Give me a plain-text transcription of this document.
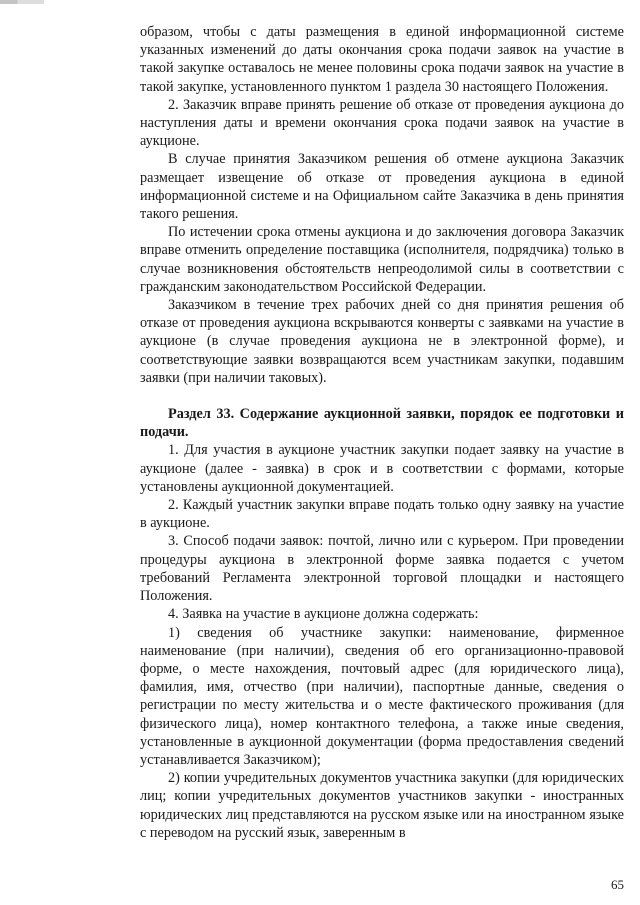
образом, чтобы с даты размещения в единой информационной системе указанных изменений до даты окончания срока подачи заявок на участие в такой закупке оставалось не менее половины срока подачи заявок на участие в такой закупке, установленного пунктом 1 раздела 30 настоящего Положения.

2. Заказчик вправе принять решение об отказе от проведения аукциона до наступления даты и времени окончания срока подачи заявок на участие в аукционе.

В случае принятия Заказчиком решения об отмене аукциона Заказчик размещает извещение об отказе от проведения аукциона в единой информационной системе и на Официальном сайте Заказчика в день принятия такого решения.

По истечении срока отмены аукциона и до заключения договора Заказчик вправе отменить определение поставщика (исполнителя, подрядчика) только в случае возникновения обстоятельств непреодолимой силы в соответствии с гражданским законодательством Российской Федерации.

Заказчиком в течение трех рабочих дней со дня принятия решения об отказе от проведения аукциона вскрываются конверты с заявками на участие в аукционе (в случае проведения аукциона не в электронной форме), и соответствующие заявки возвращаются всем участникам закупки, подавшим заявки (при наличии таковых).

Раздел 33. Содержание аукционной заявки, порядок ее подготовки и подачи.

1. Для участия в аукционе участник закупки подает заявку на участие в аукционе (далее - заявка) в срок и в соответствии с формами, которые установлены аукционной документацией.

2. Каждый участник закупки вправе подать только одну заявку на участие в аукционе.

3. Способ подачи заявок: почтой, лично или с курьером. При проведении процедуры аукциона в электронной форме заявка подается с учетом требований Регламента электронной торговой площадки и настоящего Положения.

4. Заявка на участие в аукционе должна содержать:

1) сведения об участнике закупки: наименование, фирменное наименование (при наличии), сведения об его организационно-правовой форме, о месте нахождения, почтовый адрес (для юридического лица), фамилия, имя, отчество (при наличии), паспортные данные, сведения о регистрации по месту жительства и о месте фактического проживания (для физического лица), номер контактного телефона, а также иные сведения, установленные в аукционной документации (форма предоставления сведений устанавливается Заказчиком);

2) копии учредительных документов участника закупки (для юридических лиц; копии учредительных документов участников закупки - иностранных юридических лиц представляются на русском языке или на иностранном языке с переводом на русский язык, заверенным в

65
